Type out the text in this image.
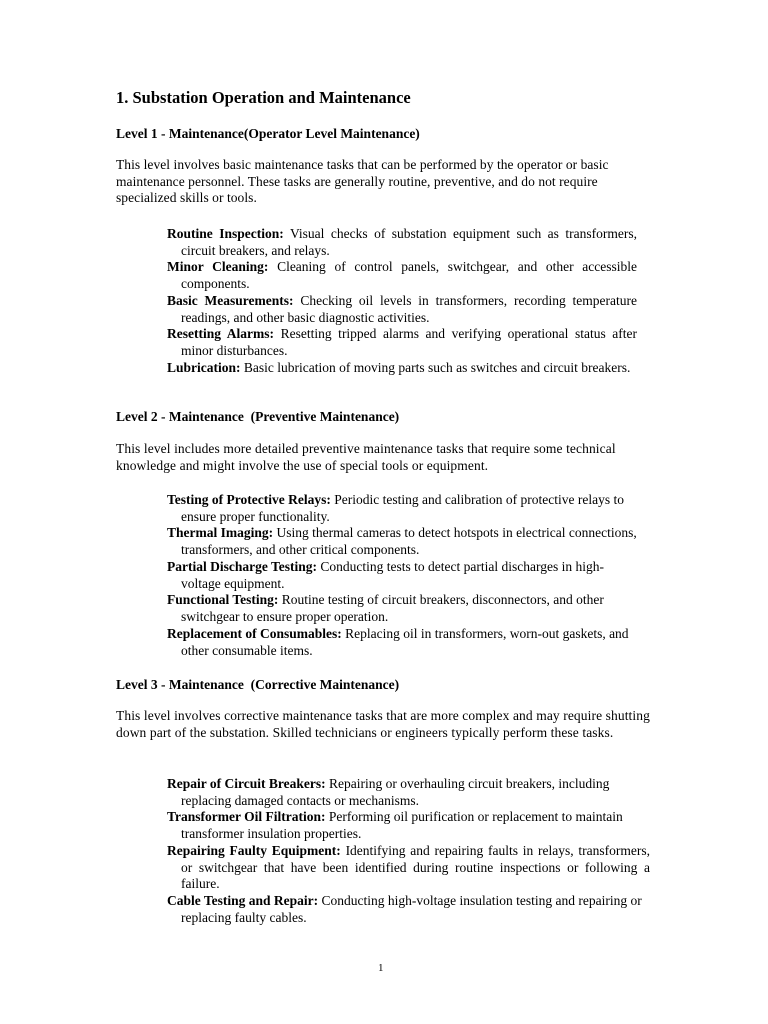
1. Substation Operation and Maintenance
Level 1 - Maintenance(Operator Level Maintenance)

This level involves basic maintenance tasks that can be performed by the operator or basic maintenance personnel. These tasks are generally routine, preventive, and do not require specialized skills or tools.

Routine Inspection: Visual checks of substation equipment such as transformers, circuit breakers, and relays.
Minor Cleaning: Cleaning of control panels, switchgear, and other accessible components.
Basic Measurements: Checking oil levels in transformers, recording temperature readings, and other basic diagnostic activities.
Resetting Alarms: Resetting tripped alarms and verifying operational status after minor disturbances.
Lubrication: Basic lubrication of moving parts such as switches and circuit breakers.
Level 2 - Maintenance  (Preventive Maintenance)

This level includes more detailed preventive maintenance tasks that require some technical knowledge and might involve the use of special tools or equipment.

Testing of Protective Relays: Periodic testing and calibration of protective relays to ensure proper functionality.
Thermal Imaging: Using thermal cameras to detect hotspots in electrical connections, transformers, and other critical components.
Partial Discharge Testing: Conducting tests to detect partial discharges in high-voltage equipment.
Functional Testing: Routine testing of circuit breakers, disconnectors, and other switchgear to ensure proper operation.
Replacement of Consumables: Replacing oil in transformers, worn-out gaskets, and other consumable items.
Level 3 - Maintenance  (Corrective Maintenance)

This level involves corrective maintenance tasks that are more complex and may require shutting down part of the substation. Skilled technicians or engineers typically perform these tasks.

Repair of Circuit Breakers: Repairing or overhauling circuit breakers, including replacing damaged contacts or mechanisms.
Transformer Oil Filtration: Performing oil purification or replacement to maintain transformer insulation properties.
Repairing Faulty Equipment: Identifying and repairing faults in relays, transformers, or switchgear that have been identified during routine inspections or following a failure.
Cable Testing and Repair: Conducting high-voltage insulation testing and repairing or replacing faulty cables.
1
